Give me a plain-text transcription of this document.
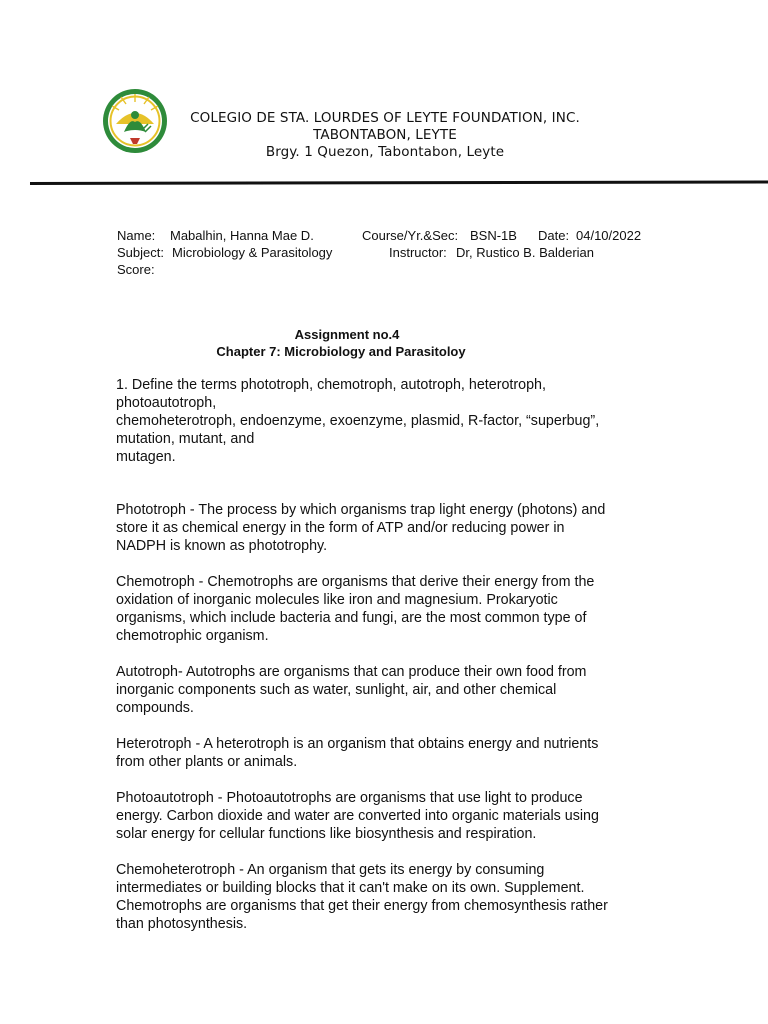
COLEGIO DE STA. LOURDES OF LEYTE FOUNDATION, INC.
TABONTABON, LEYTE
Brgy. 1 Quezon, Tabontabon, Leyte
Name: Mabalhin, Hanna Mae D.	Course/Yr.&Sec: BSN-1B Date: 04/10/2022
Subject: Microbiology & Parasitology	Instructor: Dr, Rustico B. Balderian
Score:
Assignment no.4
Chapter 7: Microbiology and Parasitoloy
1. Define the terms phototroph, chemotroph, autotroph, heterotroph,
photoautotroph,
chemoheterotroph, endoenzyme, exoenzyme, plasmid, R-factor, “superbug”,
mutation, mutant, and
mutagen.
Phototroph - The process by which organisms trap light energy (photons) and
store it as chemical energy in the form of ATP and/or reducing power in
NADPH is known as phototrophy.
Chemotroph - Chemotrophs are organisms that derive their energy from the
oxidation of inorganic molecules like iron and magnesium. Prokaryotic
organisms, which include bacteria and fungi, are the most common type of
chemotrophic organism.
Autotroph- Autotrophs are organisms that can produce their own food from
inorganic components such as water, sunlight, air, and other chemical
compounds.
Heterotroph - A heterotroph is an organism that obtains energy and nutrients
from other plants or animals.
Photoautotroph - Photoautotrophs are organisms that use light to produce
energy. Carbon dioxide and water are converted into organic materials using
solar energy for cellular functions like biosynthesis and respiration.
Chemoheterotroph - An organism that gets its energy by consuming
intermediates or building blocks that it can't make on its own. Supplement.
Chemotrophs are organisms that get their energy from chemosynthesis rather
than photosynthesis.
